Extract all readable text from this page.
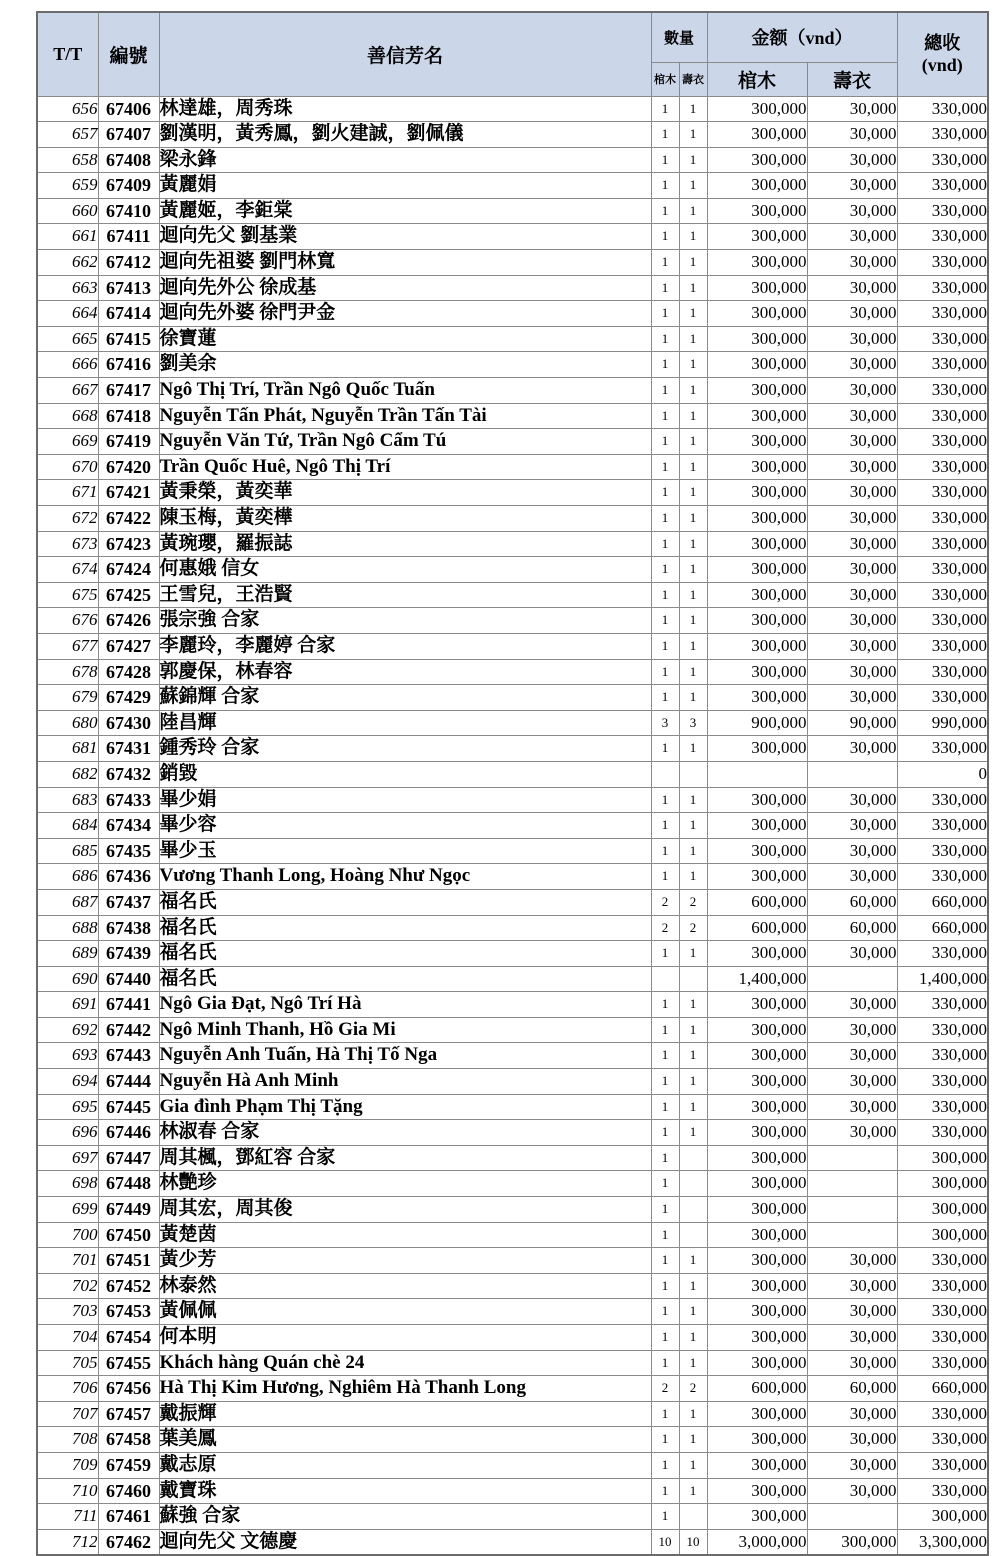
T/T	編號	善信芳名	數量		金额（vnd）		總收
(vnd)

			棺木	壽衣	棺木	壽衣	
656	67406	林達雄，周秀珠	1	1	300,000	30,000	330,000
657	67407	劉漢明，黃秀鳳，劉火建誠，劉佩儀	1	1	300,000	30,000	330,000
658	67408	梁永鋒	1	1	300,000	30,000	330,000
659	67409	黃麗娟	1	1	300,000	30,000	330,000
660	67410	黃麗姬，李鉅棠	1	1	300,000	30,000	330,000
661	67411	迴向先父 劉基業	1	1	300,000	30,000	330,000
662	67412	迴向先祖婆 劉門林寬	1	1	300,000	30,000	330,000
663	67413	迴向先外公 徐成基	1	1	300,000	30,000	330,000
664	67414	迴向先外婆 徐門尹金	1	1	300,000	30,000	330,000
665	67415	徐寶蓮	1	1	300,000	30,000	330,000
666	67416	劉美余	1	1	300,000	30,000	330,000
667	67417	Ngô Thị Trí, Trần Ngô Quốc Tuấn	1	1	300,000	30,000	330,000
668	67418	Nguyễn Tấn Phát, Nguyễn Trần Tấn Tài	1	1	300,000	30,000	330,000
669	67419	Nguyễn Văn Tứ, Trần Ngô Cẩm Tú	1	1	300,000	30,000	330,000
670	67420	Trần Quốc Huê, Ngô Thị Trí	1	1	300,000	30,000	330,000
671	67421	黃秉榮，黃奕華	1	1	300,000	30,000	330,000
672	67422	陳玉梅，黃奕樺	1	1	300,000	30,000	330,000
673	67423	黃琬瓔，羅振誌	1	1	300,000	30,000	330,000
674	67424	何惠娥 信女	1	1	300,000	30,000	330,000
675	67425	王雪兒，王浩賢	1	1	300,000	30,000	330,000
676	67426	張宗強 合家	1	1	300,000	30,000	330,000
677	67427	李麗玲，李麗婷 合家	1	1	300,000	30,000	330,000
678	67428	郭慶保，林春容	1	1	300,000	30,000	330,000
679	67429	蘇錦輝 合家	1	1	300,000	30,000	330,000
680	67430	陸昌輝	3	3	900,000	90,000	990,000
681	67431	鍾秀玲 合家	1	1	300,000	30,000	330,000
682	67432	銷毀					0
683	67433	畢少娟	1	1	300,000	30,000	330,000
684	67434	畢少容	1	1	300,000	30,000	330,000
685	67435	畢少玉	1	1	300,000	30,000	330,000
686	67436	Vương Thanh Long, Hoàng Như Ngọc	1	1	300,000	30,000	330,000
687	67437	福名氏	2	2	600,000	60,000	660,000
688	67438	福名氏	2	2	600,000	60,000	660,000
689	67439	福名氏	1	1	300,000	30,000	330,000
690	67440	福名氏			1,400,000		1,400,000
691	67441	Ngô Gia Đạt, Ngô Trí Hà	1	1	300,000	30,000	330,000
692	67442	Ngô Minh Thanh, Hồ Gia Mi	1	1	300,000	30,000	330,000
693	67443	Nguyễn Anh Tuấn, Hà Thị Tố Nga	1	1	300,000	30,000	330,000
694	67444	Nguyễn Hà Anh Minh	1	1	300,000	30,000	330,000
695	67445	Gia đình Phạm Thị Tặng	1	1	300,000	30,000	330,000
696	67446	林淑春 合家	1	1	300,000	30,000	330,000
697	67447	周其楓，鄧紅容 合家	1		300,000		300,000
698	67448	林艷珍	1		300,000		300,000
699	67449	周其宏，周其俊	1		300,000		300,000
700	67450	黃楚茵	1		300,000		300,000
701	67451	黃少芳	1	1	300,000	30,000	330,000
702	67452	林泰然	1	1	300,000	30,000	330,000
703	67453	黃佩佩	1	1	300,000	30,000	330,000
704	67454	何本明	1	1	300,000	30,000	330,000
705	67455	Khách hàng Quán chè 24	1	1	300,000	30,000	330,000
706	67456	Hà Thị Kim Hương, Nghiêm Hà Thanh Long	2	2	600,000	60,000	660,000
707	67457	戴振輝	1	1	300,000	30,000	330,000
708	67458	葉美鳳	1	1	300,000	30,000	330,000
709	67459	戴志原	1	1	300,000	30,000	330,000
710	67460	戴寶珠	1	1	300,000	30,000	330,000
711	67461	蘇強 合家	1		300,000		300,000
712	67462	迴向先父 文德慶	10	10	3,000,000	300,000	3,300,000
